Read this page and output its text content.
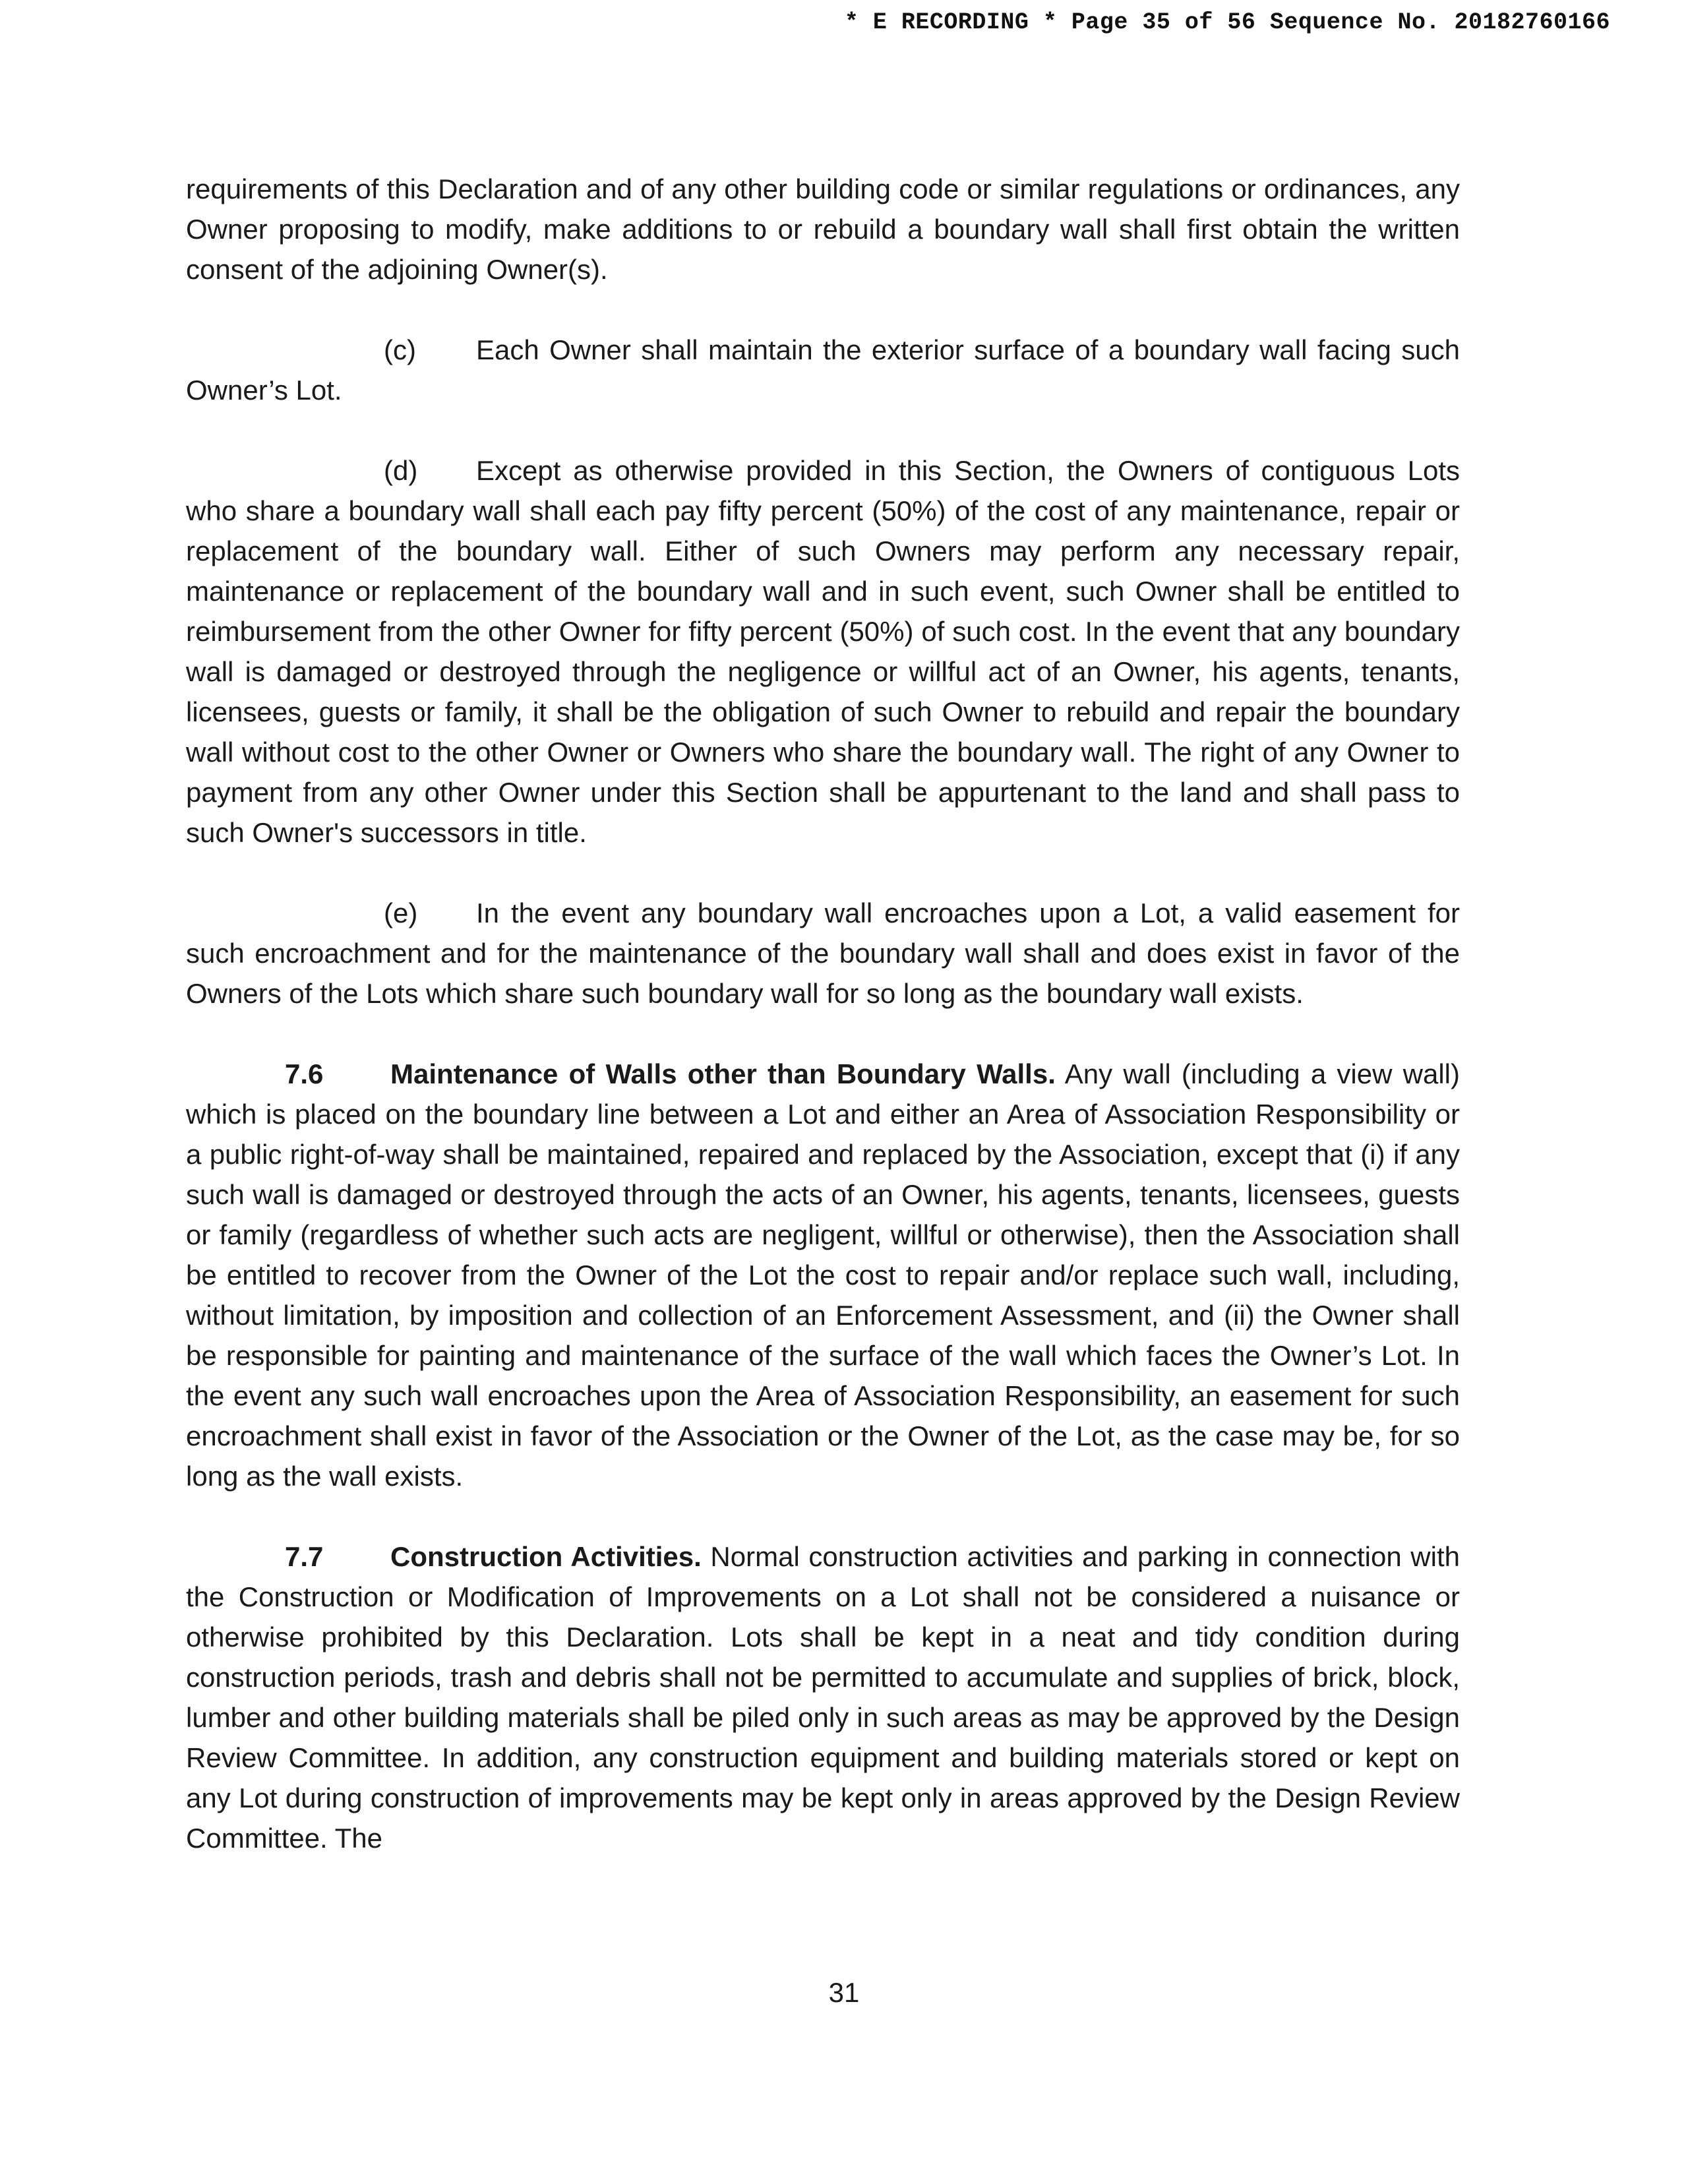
* E RECORDING * Page 35 of 56 Sequence No. 20182760166

requirements of this Declaration and of any other building code or similar regulations or ordinances, any Owner proposing to modify, make additions to or rebuild a boundary wall shall first obtain the written consent of the adjoining Owner(s).

(c) Each Owner shall maintain the exterior surface of a boundary wall facing such Owner’s Lot.

(d) Except as otherwise provided in this Section, the Owners of contiguous Lots who share a boundary wall shall each pay fifty percent (50%) of the cost of any maintenance, repair or replacement of the boundary wall. Either of such Owners may perform any necessary repair, maintenance or replacement of the boundary wall and in such event, such Owner shall be entitled to reimbursement from the other Owner for fifty percent (50%) of such cost. In the event that any boundary wall is damaged or destroyed through the negligence or willful act of an Owner, his agents, tenants, licensees, guests or family, it shall be the obligation of such Owner to rebuild and repair the boundary wall without cost to the other Owner or Owners who share the boundary wall. The right of any Owner to payment from any other Owner under this Section shall be appurtenant to the land and shall pass to such Owner's successors in title.

(e) In the event any boundary wall encroaches upon a Lot, a valid easement for such encroachment and for the maintenance of the boundary wall shall and does exist in favor of the Owners of the Lots which share such boundary wall for so long as the boundary wall exists.

7.6 Maintenance of Walls other than Boundary Walls. Any wall (including a view wall) which is placed on the boundary line between a Lot and either an Area of Association Responsibility or a public right-of-way shall be maintained, repaired and replaced by the Association, except that (i) if any such wall is damaged or destroyed through the acts of an Owner, his agents, tenants, licensees, guests or family (regardless of whether such acts are negligent, willful or otherwise), then the Association shall be entitled to recover from the Owner of the Lot the cost to repair and/or replace such wall, including, without limitation, by imposition and collection of an Enforcement Assessment, and (ii) the Owner shall be responsible for painting and maintenance of the surface of the wall which faces the Owner’s Lot. In the event any such wall encroaches upon the Area of Association Responsibility, an easement for such encroachment shall exist in favor of the Association or the Owner of the Lot, as the case may be, for so long as the wall exists.

7.7 Construction Activities. Normal construction activities and parking in connection with the Construction or Modification of Improvements on a Lot shall not be considered a nuisance or otherwise prohibited by this Declaration. Lots shall be kept in a neat and tidy condition during construction periods, trash and debris shall not be permitted to accumulate and supplies of brick, block, lumber and other building materials shall be piled only in such areas as may be approved by the Design Review Committee. In addition, any construction equipment and building materials stored or kept on any Lot during construction of improvements may be kept only in areas approved by the Design Review Committee. The

31
